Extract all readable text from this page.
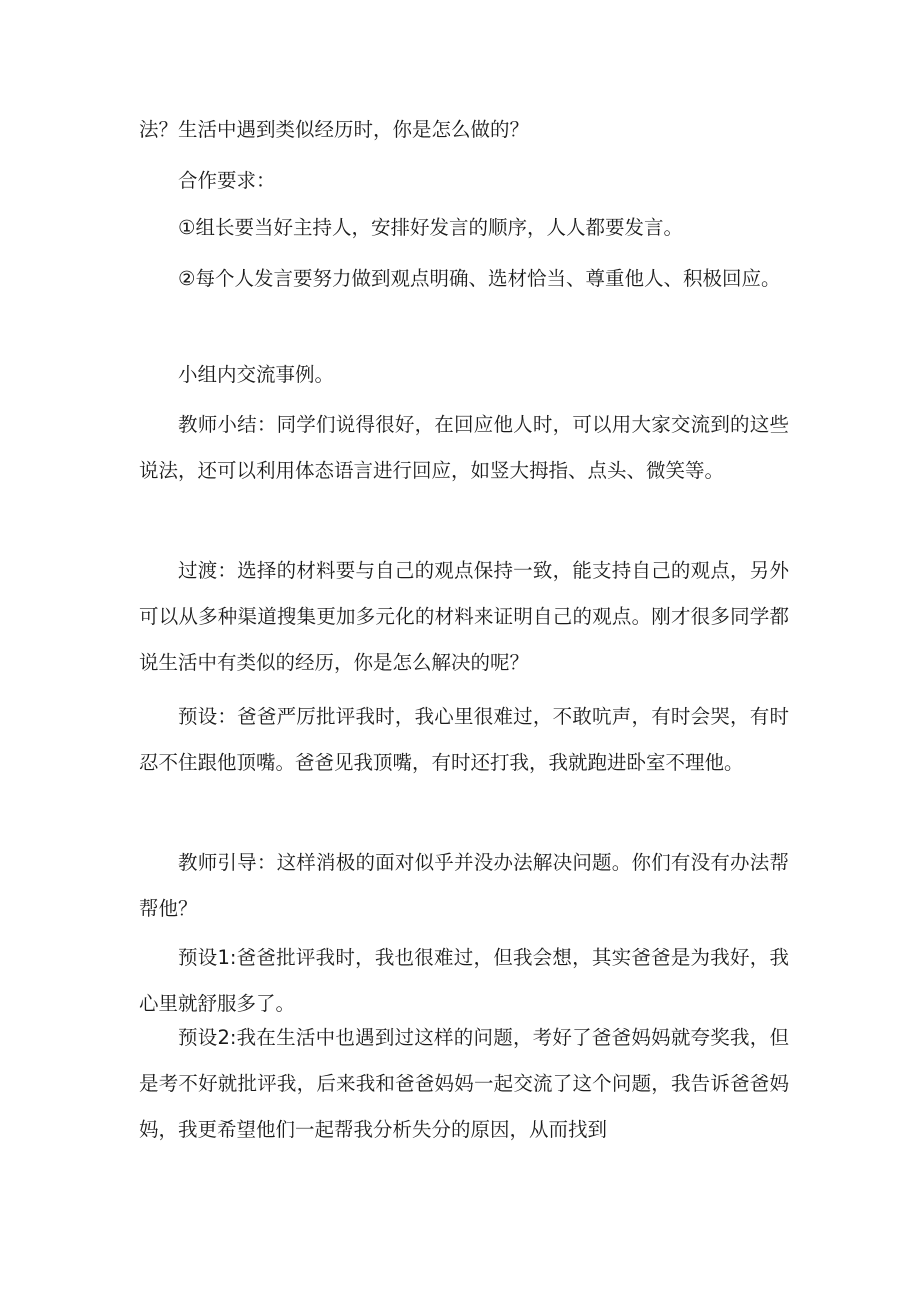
法？生活中遇到类似经历时，你是怎么做的？

合作要求：

①组长要当好主持人，安排好发言的顺序，人人都要发言。

②每个人发言要努力做到观点明确、选材恰当、尊重他人、积极回应。

小组内交流事例。

教师小结：同学们说得很好，在回应他人时，可以用大家交流到的这些说法，还可以利用体态语言进行回应，如竖大拇指、点头、微笑等。

过渡：选择的材料要与自己的观点保持一致，能支持自己的观点，另外可以从多种渠道搜集更加多元化的材料来证明自己的观点。刚才很多同学都说生活中有类似的经历，你是怎么解决的呢？

预设：爸爸严厉批评我时，我心里很难过，不敢吭声，有时会哭，有时忍不住跟他顶嘴。爸爸见我顶嘴，有时还打我，我就跑进卧室不理他。

教师引导：这样消极的面对似乎并没办法解决问题。你们有没有办法帮帮他？

预设1:爸爸批评我时，我也很难过，但我会想，其实爸爸是为我好，我心里就舒服多了。

预设2:我在生活中也遇到过这样的问题，考好了爸爸妈妈就夸奖我，但是考不好就批评我，后来我和爸爸妈妈一起交流了这个问题，我告诉爸爸妈妈，我更希望他们一起帮我分析失分的原因，从而找到
